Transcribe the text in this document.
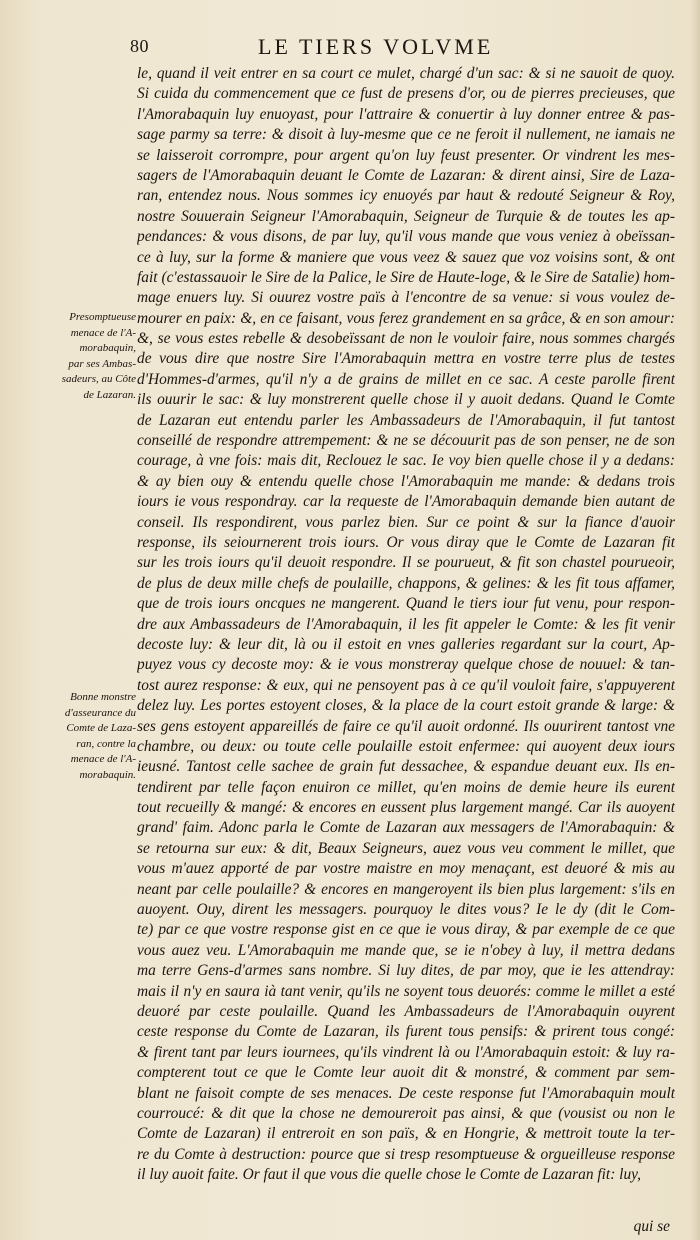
80	LE TIERS VOLVME
Presomptueuse
menace de l'A-
morabaquin,
par ses Ambas-
sadeurs, au Côte
de Lazaran.
Bonne monstre
d'asseurance du
Comte de Laza-
ran, contre la
menace de l'A-
morabaquin.
le, quand il veit entrer en sa court ce mulet, chargé d'un sac: & si ne sauoit de quoy.
Si cuida du commencement que ce fust de presens d'or, ou de pierres precieuses, que
l'Amorabaquin luy enuoyast, pour l'attraire & conuertir à luy donner entree & pas-
sage parmy sa terre: & disoit à luy-mesme que ce ne feroit il nullement, ne iamais ne
se laisseroit corrompre, pour argent qu'on luy feust presenter. Or vindrent les mes-
sagers de l'Amorabaquin deuant le Comte de Lazaran: & dirent ainsi, Sire de Laza-
ran, entendez nous. Nous sommes icy enuoyés par haut & redouté Seigneur & Roy,
nostre Souuerain Seigneur l'Amorabaquin, Seigneur de Turquie & de toutes les ap-
pendances: & vous disons, de par luy, qu'il vous mande que vous veniez à obeïssan-
ce à luy, sur la forme & maniere que vous veez & sauez que voz voisins sont, & ont
fait (c'estassauoir le Sire de la Palice, le Sire de Haute-loge, & le Sire de Satalie) hom-
mage enuers luy. Si ouurez vostre païs à l'encontre de sa venue: si vous voulez de-
mourer en paix: &, en ce faisant, vous ferez grandement en sa grâce, & en son amour:
&, se vous estes rebelle & desobeïssant de non le vouloir faire, nous sommes chargés
de vous dire que nostre Sire l'Amorabaquin mettra en vostre terre plus de testes
d'Hommes-d'armes, qu'il n'y a de grains de millet en ce sac. A ceste parolle firent
ils ouurir le sac: & luy monstrerent quelle chose il y auoit dedans. Quand le Comte
de Lazaran eut entendu parler les Ambassadeurs de l'Amorabaquin, il fut tantost
conseillé de respondre attrempement: & ne se découurit pas de son penser, ne de son
courage, à vne fois: mais dit, Reclouez le sac. Ie voy bien quelle chose il y a dedans:
& ay bien ouy & entendu quelle chose l'Amorabaquin me mande: & dedans trois
iours ie vous respondray. car la requeste de l'Amorabaquin demande bien autant de
conseil. Ils respondirent, vous parlez bien. Sur ce point & sur la fiance d'auoir
response, ils seiournerent trois iours. Or vous diray que le Comte de Lazaran fit
sur les trois iours qu'il deuoit respondre. Il se pourueut, & fit son chastel pourueoir,
de plus de deux mille chefs de poulaille, chappons, & gelines: & les fit tous affamer,
que de trois iours oncques ne mangerent. Quand le tiers iour fut venu, pour respon-
dre aux Ambassadeurs de l'Amorabaquin, il les fit appeler le Comte: & les fit venir
decoste luy: & leur dit, là ou il estoit en vnes galleries regardant sur la court, Ap-
puyez vous cy decoste moy: & ie vous monstreray quelque chose de nouuel: & tan-
tost aurez response: & eux, qui ne pensoyent pas à ce qu'il vouloit faire, s'appuyerent
delez luy. Les portes estoyent closes, & la place de la court estoit grande & large: &
ses gens estoyent appareillés de faire ce qu'il auoit ordonné. Ils ouurirent tantost vne
chambre, ou deux: ou toute celle poulaille estoit enfermee: qui auoyent deux iours
ieusné. Tantost celle sachee de grain fut dessachee, & espandue deuant eux. Ils en-
tendirent par telle façon enuiron ce millet, qu'en moins de demie heure ils eurent
tout recueilly & mangé: & encores en eussent plus largement mangé. Car ils auoyent
grand' faim. Adonc parla le Comte de Lazaran aux messagers de l'Amorabaquin: &
se retourna sur eux: & dit, Beaux Seigneurs, auez vous veu comment le millet, que
vous m'auez apporté de par vostre maistre en moy menaçant, est deuoré & mis au
neant par celle poulaille? & encores en mangeroyent ils bien plus largement: s'ils en
auoyent. Ouy, dirent les messagers. pourquoy le dites vous? Ie le dy (dit le Com-
te) par ce que vostre response gist en ce que ie vous diray, & par exemple de ce que
vous auez veu. L'Amorabaquin me mande que, se ie n'obey à luy, il mettra dedans
ma terre Gens-d'armes sans nombre. Si luy dites, de par moy, que ie les attendray:
mais il n'y en saura ià tant venir, qu'ils ne soyent tous deuorés: comme le millet a esté
deuoré par ceste poulaille. Quand les Ambassadeurs de l'Amorabaquin ouyrent
ceste response du Comte de Lazaran, ils furent tous pensifs: & prirent tous congé:
& firent tant par leurs iournees, qu'ils vindrent là ou l'Amorabaquin estoit: & luy ra-
compterent tout ce que le Comte leur auoit dit & monstré, & comment par sem-
blant ne faisoit compte de ses menaces. De ceste response fut l'Amorabaquin moult
courroucé: & dit que la chose ne demoureroit pas ainsi, & que (vousist ou non le
Comte de Lazaran) il entreroit en son païs, & en Hongrie, & mettroit toute la ter-
re du Comte à destruction: pource que si tresp resomptueuse & orgueilleuse response
il luy auoit faite. Or faut il que vous die quelle chose le Comte de Lazaran fit: luy,
qui se
